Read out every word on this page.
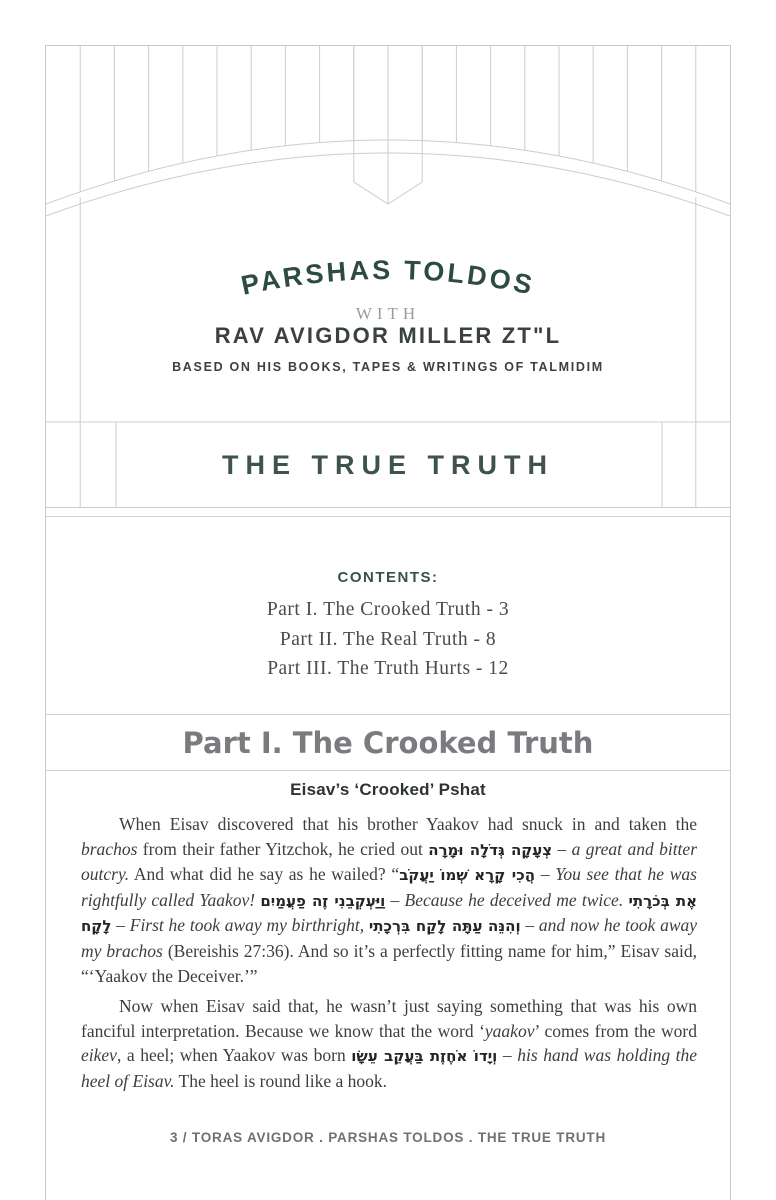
PARSHAS TOLDOS
WITH
RAV AVIGDOR MILLER ZT"L
BASED ON HIS BOOKS, TAPES & WRITINGS OF TALMIDIM
THE TRUE TRUTH
CONTENTS:
Part I. The Crooked Truth - 3
Part II. The Real Truth - 8
Part III. The Truth Hurts - 12
Part I. The Crooked Truth
Eisav’s ‘Crooked’ Pshat

When Eisav discovered that his brother Yaakov had snuck in and taken the brachos from their father Yitzchok, he cried out צְעָקָה גְּדֹלָה וּמָרָה – a great and bitter outcry. And what did he say as he wailed? “הֲכִי קָרָא שְׁמוֹ יַעֲקֹב – You see that he was rightfully called Yaakov! וַיַּעְקְבֵנִי זֶה פַעֲמַיִם – Because he deceived me twice. אֶת בְּכֹרָתִי לָקָח – First he took away my birthright, וְהִנֵּה עַתָּה לָקַח בִּרְכָתִי – and now he took away my brachos (Bereishis 27:36). And so it’s a perfectly fitting name for him,” Eisav said, “‘Yaakov the Deceiver.’”

Now when Eisav said that, he wasn’t just saying something that was his own fanciful interpretation. Because we know that the word ‘yaakov’ comes from the word eikev, a heel; when Yaakov was born וְיָדוֹ אֹחֶזֶת בַּעֲקֵב עֵשָׂו – his hand was holding the heel of Eisav. The heel is round like a hook.

3 / TORAS AVIGDOR . PARSHAS TOLDOS . THE TRUE TRUTH
